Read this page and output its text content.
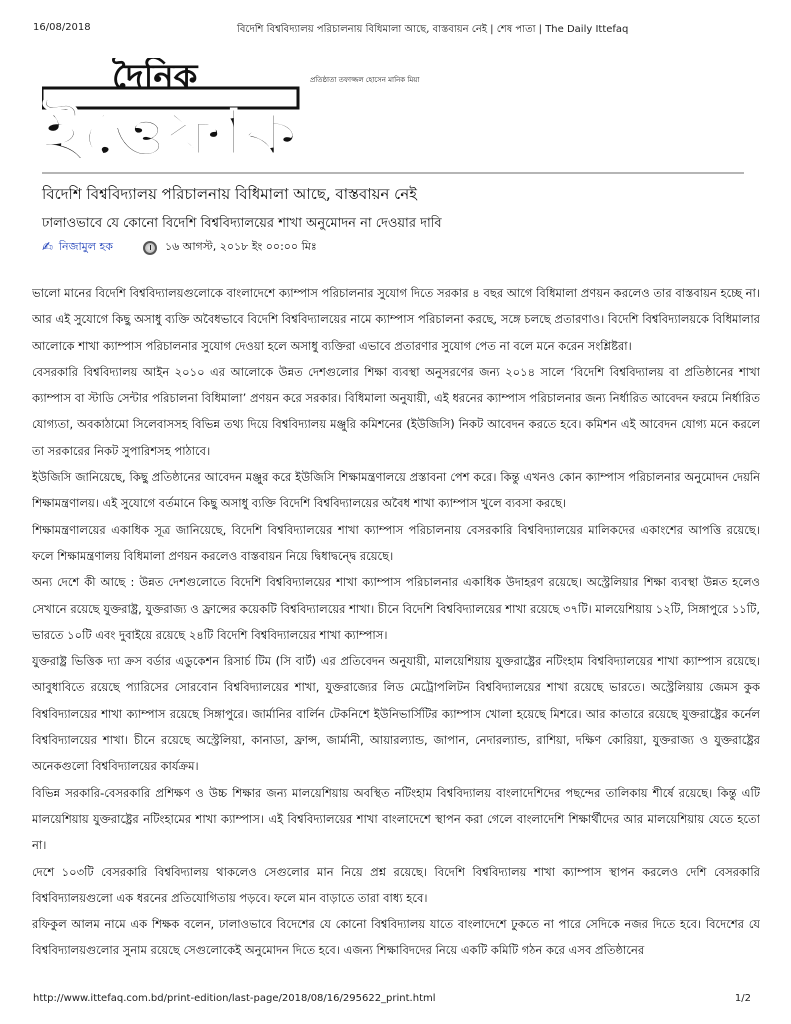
16/08/2018	বিদেশি বিশ্ববিদ্যালয় পরিচালনায় বিধিমালা আছে, বাস্তবায়ন নেই | শেষ পাতা | The Daily Ittefaq
দৈনিক
ইত্তেফাক
প্রতিষ্ঠাতা তফাজ্জল হোসেন মানিক মিয়া
বিদেশি বিশ্ববিদ্যালয় পরিচালনায় বিধিমালা আছে, বাস্তবায়ন নেই
ঢালাওভাবে যে কোনো বিদেশি বিশ্ববিদ্যালয়ের শাখা অনুমোদন না দেওয়ার দাবি
✍ নিজামুল হক	১৬ আগস্ট, ২০১৮ ইং ০০:০০ মিঃ

ভালো মানের বিদেশি বিশ্ববিদ্যালয়গুলোকে বাংলাদেশে ক্যাম্পাস পরিচালনার সুযোগ দিতে সরকার ৪ বছর আগে বিধিমালা প্রণয়ন করলেও তার বাস্তবায়ন হচ্ছে না। আর এই সুযোগে কিছু অসাধু ব্যক্তি অবৈধভাবে বিদেশি বিশ্ববিদ্যালয়ের নামে ক্যাম্পাস পরিচালনা করছে, সঙ্গে চলছে প্রতারণাও। বিদেশি বিশ্ববিদ্যালয়কে বিধিমালার আলোকে শাখা ক্যাম্পাস পরিচালনার সুযোগ দেওয়া হলে অসাধু ব্যক্তিরা এভাবে প্রতারণার সুযোগ পেত না বলে মনে করেন সংশ্লিষ্টরা।

বেসরকারি বিশ্ববিদ্যালয় আইন ২০১০ এর আলোকে উন্নত দেশগুলোর শিক্ষা ব্যবস্থা অনুসরণের জন্য ২০১৪ সালে ‘বিদেশি বিশ্ববিদ্যালয় বা প্রতিষ্ঠানের শাখা ক্যাম্পাস বা স্টাডি সেন্টার পরিচালনা বিধিমালা’ প্রণয়ন করে সরকার। বিধিমালা অনুযায়ী, এই ধরনের ক্যাম্পাস পরিচালনার জন্য নির্ধারিত আবেদন ফরমে নির্ধারিত যোগ্যতা, অবকাঠামো সিলেবাসসহ বিভিন্ন তথ্য দিয়ে বিশ্ববিদ্যালয় মঞ্জুরি কমিশনের (ইউজিসি) নিকট আবেদন করতে হবে। কমিশন এই আবেদন যোগ্য মনে করলে তা সরকারের নিকট সুপারিশসহ পাঠাবে।

ইউজিসি জানিয়েছে, কিছু প্রতিষ্ঠানের আবেদন মঞ্জুর করে ইউজিসি শিক্ষামন্ত্রণালয়ে প্রস্তাবনা পেশ করে। কিন্তু এখনও কোন ক্যাম্পাস পরিচালনার অনুমোদন দেয়নি শিক্ষামন্ত্রণালয়। এই সুযোগে বর্তমানে কিছু অসাধু ব্যক্তি বিদেশি বিশ্ববিদ্যালয়ের অবৈধ শাখা ক্যাম্পাস খুলে ব্যবসা করছে।

শিক্ষামন্ত্রণালয়ের একাধিক সূত্র জানিয়েছে, বিদেশি বিশ্ববিদ্যালয়ের শাখা ক্যাম্পাস পরিচালনায় বেসরকারি বিশ্ববিদ্যালয়ের মালিকদের একাংশের আপত্তি রয়েছে। ফলে শিক্ষামন্ত্রণালয় বিধিমালা প্রণয়ন করলেও বাস্তবায়ন নিয়ে দ্বিধাদ্বন্দ্বে রয়েছে।

অন্য দেশে কী আছে : উন্নত দেশগুলোতে বিদেশি বিশ্ববিদ্যালয়ের শাখা ক্যাম্পাস পরিচালনার একাধিক উদাহরণ রয়েছে। অস্ট্রেলিয়ার শিক্ষা ব্যবস্থা উন্নত হলেও সেখানে রয়েছে যুক্তরাষ্ট্র, যুক্তরাজ্য ও ফ্রান্সের কয়েকটি বিশ্ববিদ্যালয়ের শাখা। চীনে বিদেশি বিশ্ববিদ্যালয়ের শাখা রয়েছে ৩৭টি। মালয়েশিয়ায় ১২টি, সিঙ্গাপুরে ১১টি, ভারতে ১০টি এবং দুবাইয়ে রয়েছে ২৪টি বিদেশি বিশ্ববিদ্যালয়ের শাখা ক্যাম্পাস।

যুক্তরাষ্ট্র ভিত্তিক দ্যা ক্রস বর্ডার এডুকেশন রিসার্চ টিম (সি বার্ট) এর প্রতিবেদন অনুযায়ী, মালয়েশিয়ায় যুক্তরাষ্ট্রের নটিংহাম বিশ্ববিদ্যালয়ের শাখা ক্যাম্পাস রয়েছে। আবুধাবিতে রয়েছে প্যারিসের সোরবোন বিশ্ববিদ্যালয়ের শাখা, যুক্তরাজ্যের লিড মেট্রোপলিটন বিশ্ববিদ্যালয়ের শাখা রয়েছে ভারতে। অস্ট্রেলিয়ায় জেমস কুক বিশ্ববিদ্যালয়ের শাখা ক্যাম্পাস রয়েছে সিঙ্গাপুরে। জার্মানির বার্লিন টেকনিশে ইউনিভার্সিটির ক্যাম্পাস খোলা হয়েছে মিশরে। আর কাতারে রয়েছে যুক্তরাষ্ট্রের কর্নেল বিশ্ববিদ্যালয়ের শাখা। চীনে রয়েছে অস্ট্রেলিয়া, কানাডা, ফ্রান্স, জার্মানী, আয়ারল্যান্ড, জাপান, নেদারল্যান্ড, রাশিয়া, দক্ষিণ কোরিয়া, যুক্তরাজ্য ও যুক্তরাষ্ট্রের অনেকগুলো বিশ্ববিদ্যালয়ের কার্যক্রম।

বিভিন্ন সরকারি-বেসরকারি প্রশিক্ষণ ও উচ্চ শিক্ষার জন্য মালয়েশিয়ায় অবস্থিত নটিংহাম বিশ্ববিদ্যালয় বাংলাদেশিদের পছন্দের তালিকায় শীর্ষে রয়েছে। কিন্তু এটি মালয়েশিয়ায় যুক্তরাষ্ট্রের নটিংহামের শাখা ক্যাম্পাস। এই বিশ্ববিদ্যালয়ের শাখা বাংলাদেশে স্থাপন করা গেলে বাংলাদেশি শিক্ষার্থীদের আর মালয়েশিয়ায় যেতে হতো না।

দেশে ১০৩টি বেসরকারি বিশ্ববিদ্যালয় থাকলেও সেগুলোর মান নিয়ে প্রশ্ন রয়েছে। বিদেশি বিশ্ববিদ্যালয় শাখা ক্যাম্পাস স্থাপন করলেও দেশি বেসরকারি বিশ্ববিদ্যালয়গুলো এক ধরনের প্রতিযোগিতায় পড়বে। ফলে মান বাড়াতে তারা বাধ্য হবে।

রফিকুল আলম নামে এক শিক্ষক বলেন, ঢালাওভাবে বিদেশের যে কোনো বিশ্ববিদ্যালয় যাতে বাংলাদেশে ঢুকতে না পারে সেদিকে নজর দিতে হবে। বিদেশের যে বিশ্ববিদ্যালয়গুলোর সুনাম রয়েছে সেগুলোকেই অনুমোদন দিতে হবে। এজন্য শিক্ষাবিদদের নিয়ে একটি কমিটি গঠন করে এসব প্রতিষ্ঠানের

http://www.ittefaq.com.bd/print-edition/last-page/2018/08/16/295622_print.html	1/2
